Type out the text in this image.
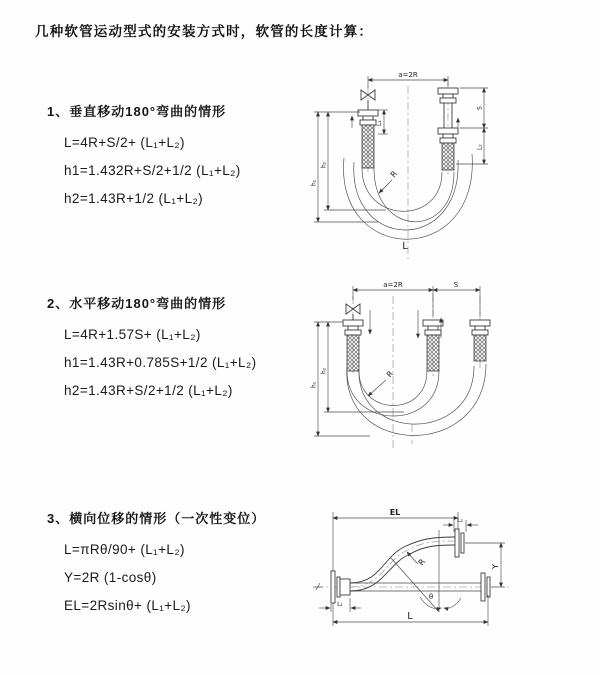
几种软管运动型式的安装方式时，软管的长度计算：
1、垂直移动180°弯曲的情形
L=4R+S/2+ (L₁+L₂)
h1=1.432R+S/2+1/2 (L₁+L₂)
h2=1.43R+1/2 (L₁+L₂)
2、水平移动180°弯曲的情形
L=4R+1.57S+ (L₁+L₂)
h1=1.43R+0.785S+1/2 (L₁+L₂)
h2=1.43R+S/2+1/2 (L₁+L₂)
3、横向位移的情形（一次性变位）
L=πRθ/90+ (L₁+L₂)
Y=2R (1-cosθ)
EL=2Rsinθ+ (L₁+L₂)
a=2R
L₁
S
L₂
h₁
h₂
R
L
a=2R	S
h₁
h₂	R
EL
L₂
Y
R
θ
L₁
L
